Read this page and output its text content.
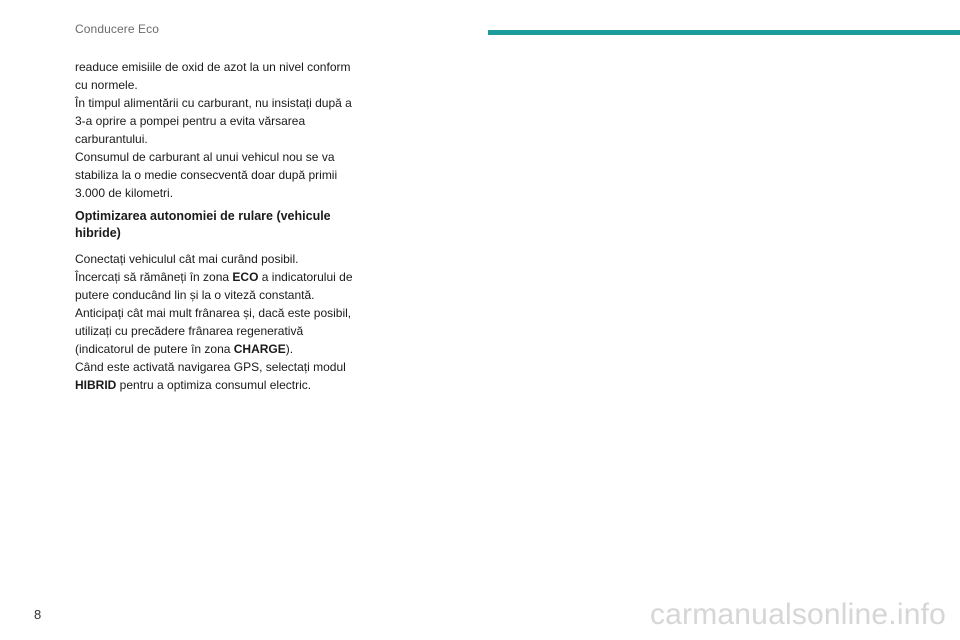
Conducere Eco

readuce emisiile de oxid de azot la un nivel conform cu normele.

În timpul alimentării cu carburant, nu insistați după a 3-a oprire a pompei pentru a evita vărsarea carburantului.

Consumul de carburant al unui vehicul nou se va stabiliza la o medie consecventă doar după primii 3.000 de kilometri.

Optimizarea autonomiei de rulare (vehicule hibride)

Conectați vehiculul cât mai curând posibil.

Încercați să rămâneți în zona ECO a indicatorului de putere conducând lin și la o viteză constantă.

Anticipați cât mai mult frânarea și, dacă este posibil, utilizați cu precădere frânarea regenerativă (indicatorul de putere în zona CHARGE).

Când este activată navigarea GPS, selectați modul HIBRID pentru a optimiza consumul electric.

8	carmanualsonline.info
